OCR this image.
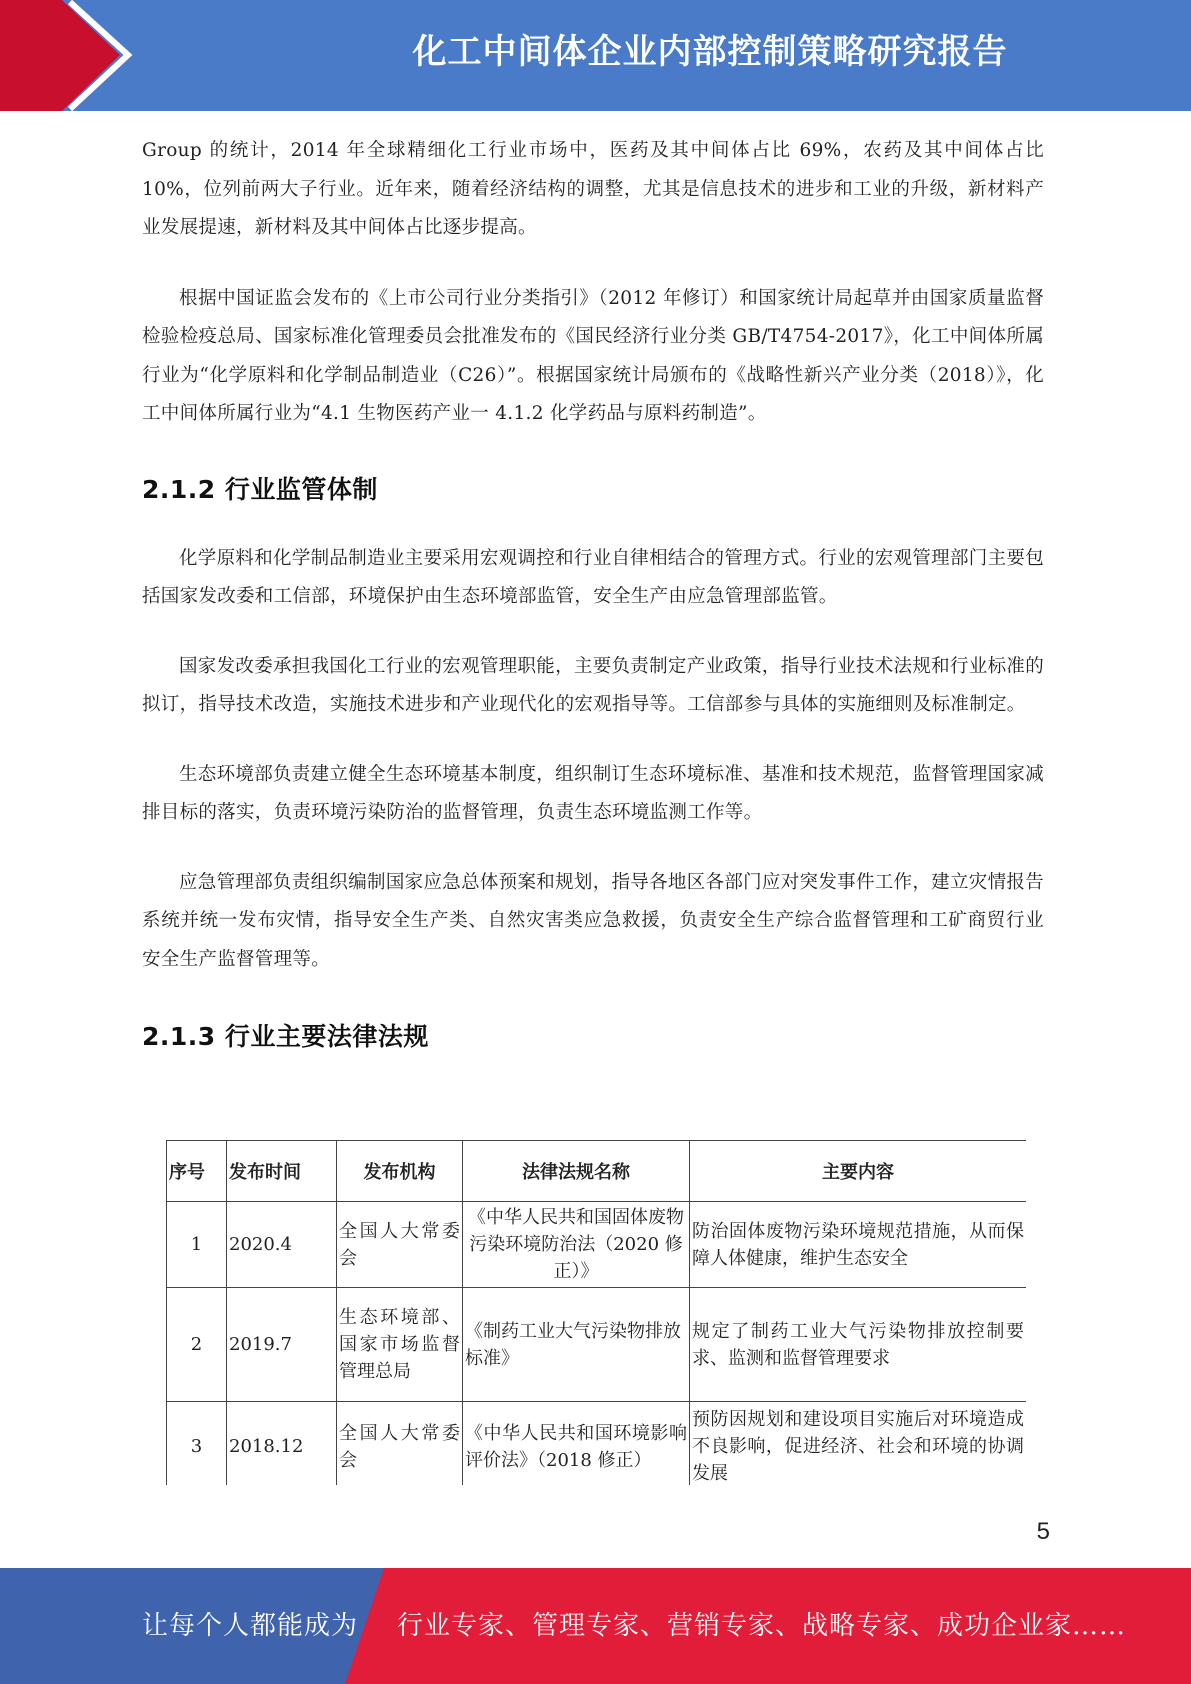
化工中间体企业内部控制策略研究报告

Group 的统计，2014 年全球精细化工行业市场中，医药及其中间体占比 69%，农药及其中间体占比 10%，位列前两大子行业。近年来，随着经济结构的调整，尤其是信息技术的进步和工业的升级，新材料产业发展提速，新材料及其中间体占比逐步提高。

根据中国证监会发布的《上市公司行业分类指引》（2012 年修订）和国家统计局起草并由国家质量监督检验检疫总局、国家标准化管理委员会批准发布的《国民经济行业分类 GB/T4754-2017》，化工中间体所属行业为“化学原料和化学制品制造业（C26）”。根据国家统计局颁布的《战略性新兴产业分类（2018）》，化工中间体所属行业为“4.1 生物医药产业一 4.1.2 化学药品与原料药制造”。

2.1.2 行业监管体制

化学原料和化学制品制造业主要采用宏观调控和行业自律相结合的管理方式。行业的宏观管理部门主要包括国家发改委和工信部，环境保护由生态环境部监管，安全生产由应急管理部监管。

国家发改委承担我国化工行业的宏观管理职能，主要负责制定产业政策，指导行业技术法规和行业标准的拟订，指导技术改造，实施技术进步和产业现代化的宏观指导等。工信部参与具体的实施细则及标准制定。

生态环境部负责建立健全生态环境基本制度，组织制订生态环境标准、基准和技术规范，监督管理国家减排目标的落实，负责环境污染防治的监督管理，负责生态环境监测工作等。

应急管理部负责组织编制国家应急总体预案和规划，指导各地区各部门应对突发事件工作，建立灾情报告系统并统一发布灾情，指导安全生产类、自然灾害类应急救援，负责安全生产综合监督管理和工矿商贸行业安全生产监督管理等。

2.1.3 行业主要法律法规
序号	发布时间	发布机构	法律法规名称	主要内容
1	2020.4	全国人大常委会	《中华人民共和国固体废物污染环境防治法（2020 修正）》	防治固体废物污染环境规范措施，从而保障人体健康，维护生态安全
2	2019.7	生态环境部、国家市场监督管理总局	《制药工业大气污染物排放标准》	规定了制药工业大气污染物排放控制要求、监测和监督管理要求
3	2018.12	全国人大常委会	《中华人民共和国环境影响评价法》（2018 修正）	预防因规划和建设项目实施后对环境造成不良影响，促进经济、社会和环境的协调发展
5
让每个人都能成为 行业专家、管理专家、营销专家、战略专家、成功企业家……
